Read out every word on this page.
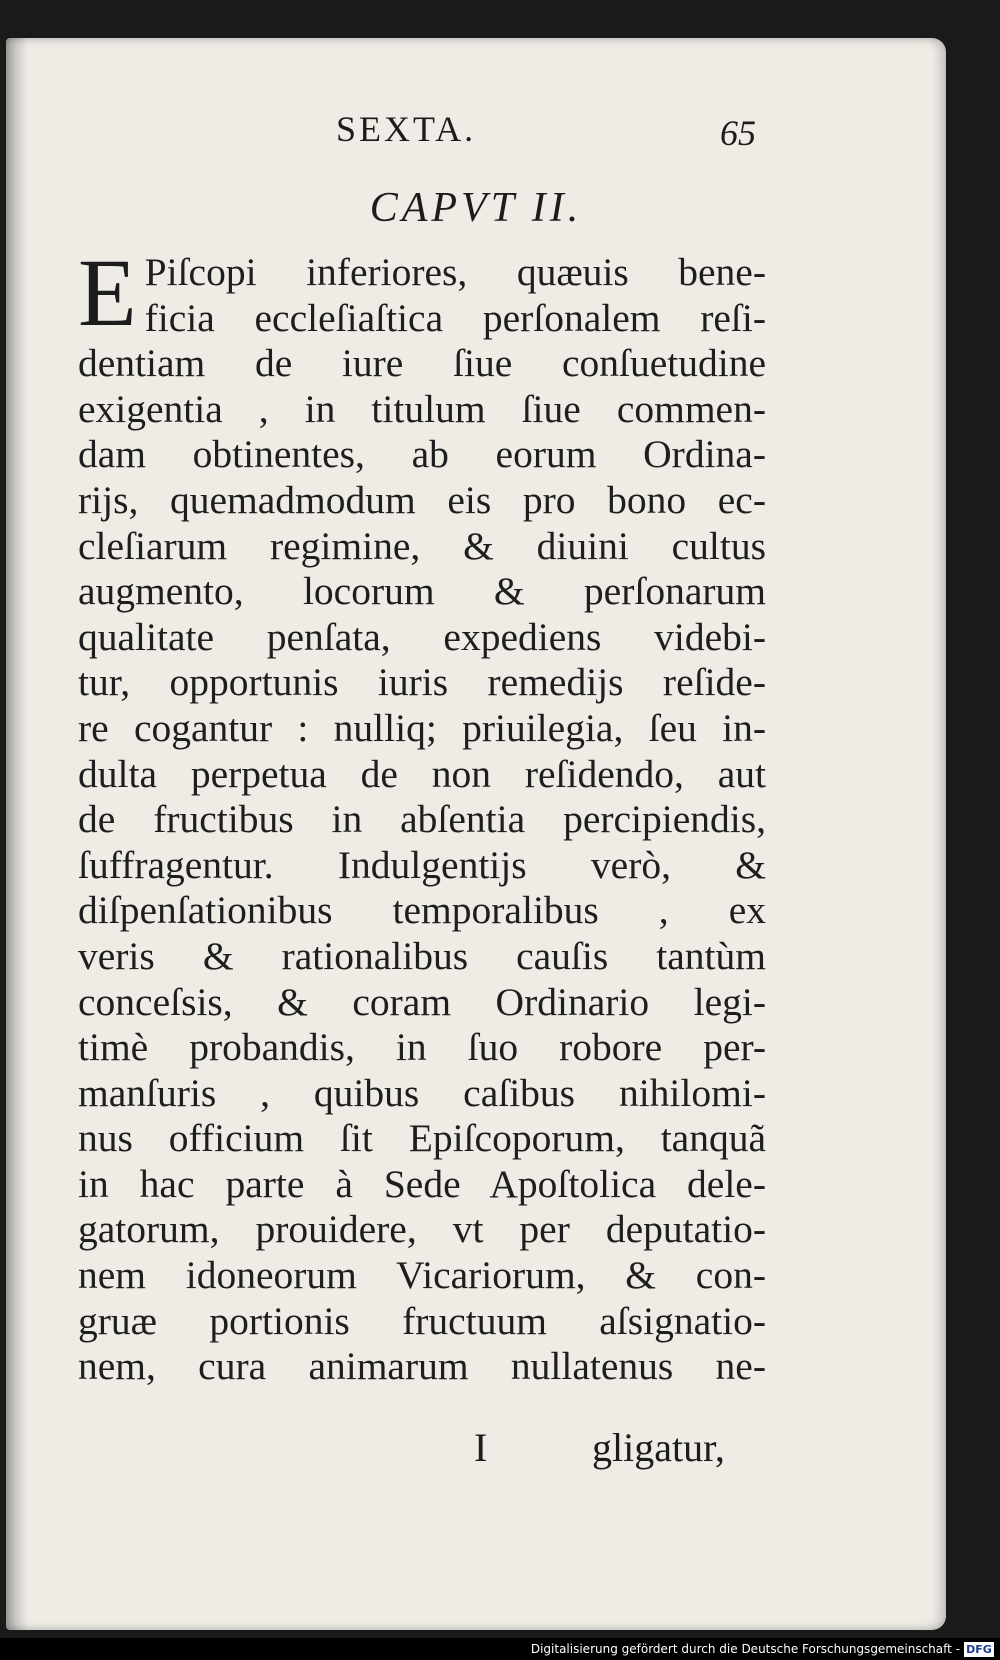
SEXTA.	65
CAPVT II.
E Piſcopi inferiores, quæuis bene-
ficia eccleſiaſtica perſonalem reſi-
dentiam de iure ſiue conſuetudine
exigentia , in titulum ſiue commen-
dam obtinentes, ab eorum Ordina-
rijs, quemadmodum eis pro bono ec-
cleſiarum regimine, & diuini cultus
augmento, locorum & perſonarum
qualitate penſata, expediens videbi-
tur, opportunis iuris remedijs reſide-
re cogantur : nulliq; priuilegia, ſeu in-
dulta perpetua de non reſidendo, aut
de fructibus in abſentia percipiendis,
ſuffragentur. Indulgentijs verò, &
diſpenſationibus temporalibus , ex
veris & rationalibus cauſis tantùm
conceſsis, & coram Ordinario legi-
timè probandis, in ſuo robore per-
manſuris , quibus caſibus nihilomi-
nus officium ſit Epiſcoporum, tanquã
in hac parte à Sede Apoſtolica dele-
gatorum, prouidere, vt per deputatio-
nem idoneorum Vicariorum, & con-
gruæ portionis fructuum aſsignatio-
nem, cura animarum nullatenus ne-
I	gligatur,
Digitalisierung gefördert durch die Deutsche Forschungsgemeinschaft - DFG
